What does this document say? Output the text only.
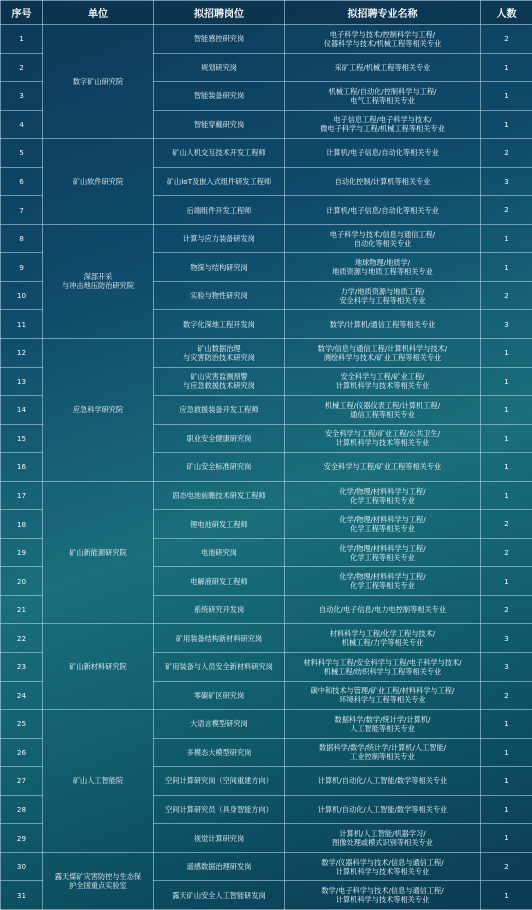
序号	单位	拟招聘岗位	拟招聘专业名称	人数
1	数字矿山研究院	智能感控研究岗	电子科学与技术/控制科学与工程/
仪器科学与技术/机械工程等相关专业	2
2		规划研究岗	采矿工程/机械工程等相关专业	1
3		智能装备研究岗	机械工程/自动化/控制科学与工程/
电气工程等相关专业	1
4		智能穿戴研究岗	电子信息工程/电子科学与技术/
微电子科学与工程/机械工程等相关专业	1
5	矿山软件研究院	矿山人机交互技术开发工程师	计算机/电子信息/自动化等相关专业	2
6		矿山IoT及嵌入式组件研发工程师	自动化控制/计算机等相关专业	3
7		后端组件开发工程师	计算机/电子信息/自动化等相关专业	2
8	深部开采
与冲击地压防治研究院	计算与应力装备研发岗	电子科学与技术/信息与通信工程/
自动化等相关专业	1
9		物探与结构研究岗	地球物理/地质学/
地质资源与地质工程等相关专业	1
10		实验与物性研究岗	力学/地质资源与地质工程/
安全科学与工程等相关专业	2
11		数字化深地工程开发岗	数学/计算机/通信工程等相关专业	3
12	应急科学研究院	矿山数据治理
与灾害防治技术研究岗	数学/信息与通信工程/计算机科学与技术/
测绘科学与技术/矿业工程等相关专业	1
13		矿山灾害监测预警
与应急救援技术研究岗	安全科学与工程/矿业工程/
计算机科学与技术等相关专业	1
14		应急救援装备开发工程师	机械工程/仪器仪表工程/计算机工程/
通信工程等相关专业	1
15		职业安全健康研究岗	安全科学与工程/矿业工程/公共卫生/
计算机科学与技术等相关专业	1
16		矿山安全标准研究岗	安全科学与工程/矿业工程等相关专业	1
17	矿山新能源研究院	固态电池前瞻技术研发工程师	化学/物理/材料科学与工程/
化学工程等相关专业	1
18		锂电池研发工程师	化学/物理/材料科学与工程/
化学工程等相关专业	2
19		电池研究岗	化学/物理/材料科学与工程/
化学工程等相关专业	2
20		电解液研发工程师	化学/物理/材料科学与工程/
化学工程等相关专业	1
21		系统研究开发岗	自动化/电子信息/电力电控制等相关专业	2
22	矿山新材料研究院	矿用装备结构新材料研究岗	材料科学与工程/化学工程与技术/
机械工程/力学等相关专业	3
23		矿用装备与人员安全新材料研究岗	材料科学与工程/安全科学与工程/电子科学与技术/
机械工程/纺织科学与工程等相关专业	3
24		零碳矿区研究岗	碳中和技术与管理/矿业工程/材料科学与工程/
环境科学与工程等相关专业	2
25	矿山人工智能院	大语言模型研究岗	数据科学/数学/统计学/计算机/
人工智能等相关专业	1
26		多模态大模型研究岗	数据科学/数学/统计学/计算机/人工智能/
工业控制等相关专业	1
27		空间计算研究岗（空间重建方向）	计算机/自动化/人工智能/数学等相关专业	1
28		空间计算研究员（具身智能方向）	计算机/自动化/人工智能/数学等相关专业	1
29		视觉计算研究岗	计算机/人工智能/机器学习/
图像处理或模式识别等相关专业	1
30	露天煤矿灾害防控与生态保
护全国重点实验室	遥感数据治理研发岗	数学/仪器科学与技术/信息与通信工程/
计算机科学与技术等相关专业	2
31		露天矿山安全人工智能研发岗	数学/电子科学与技术/信息与通信工程/
计算机科学与技术等相关专业	1
